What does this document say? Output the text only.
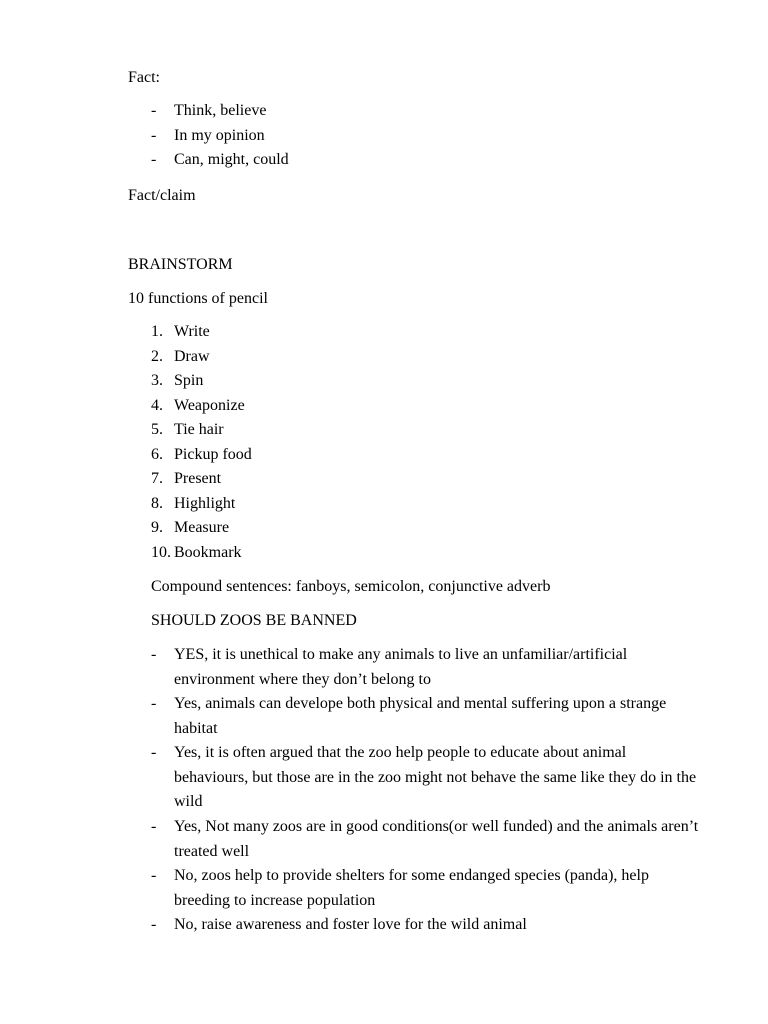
Fact:
- Think, believe
- In my opinion
- Can, might, could
Fact/claim
BRAINSTORM
10 functions of pencil
1. Write
2. Draw
3. Spin
4. Weaponize
5. Tie hair
6. Pickup food
7. Present
8. Highlight
9. Measure
10. Bookmark
Compound sentences: fanboys, semicolon, conjunctive adverb
SHOULD ZOOS BE BANNED
- YES, it is unethical to make any animals to live an unfamiliar/artificial environment where they don’t belong to
- Yes, animals can develope both physical and mental suffering upon a strange habitat
- Yes, it is often argued that the zoo help people to educate about animal behaviours, but those are in the zoo might not behave the same like they do in the wild
- Yes, Not many zoos are in good conditions(or well funded) and the animals aren’t treated well
- No, zoos help to provide shelters for some endanged species (panda), help breeding to increase population
- No, raise awareness and foster love for the wild animal
